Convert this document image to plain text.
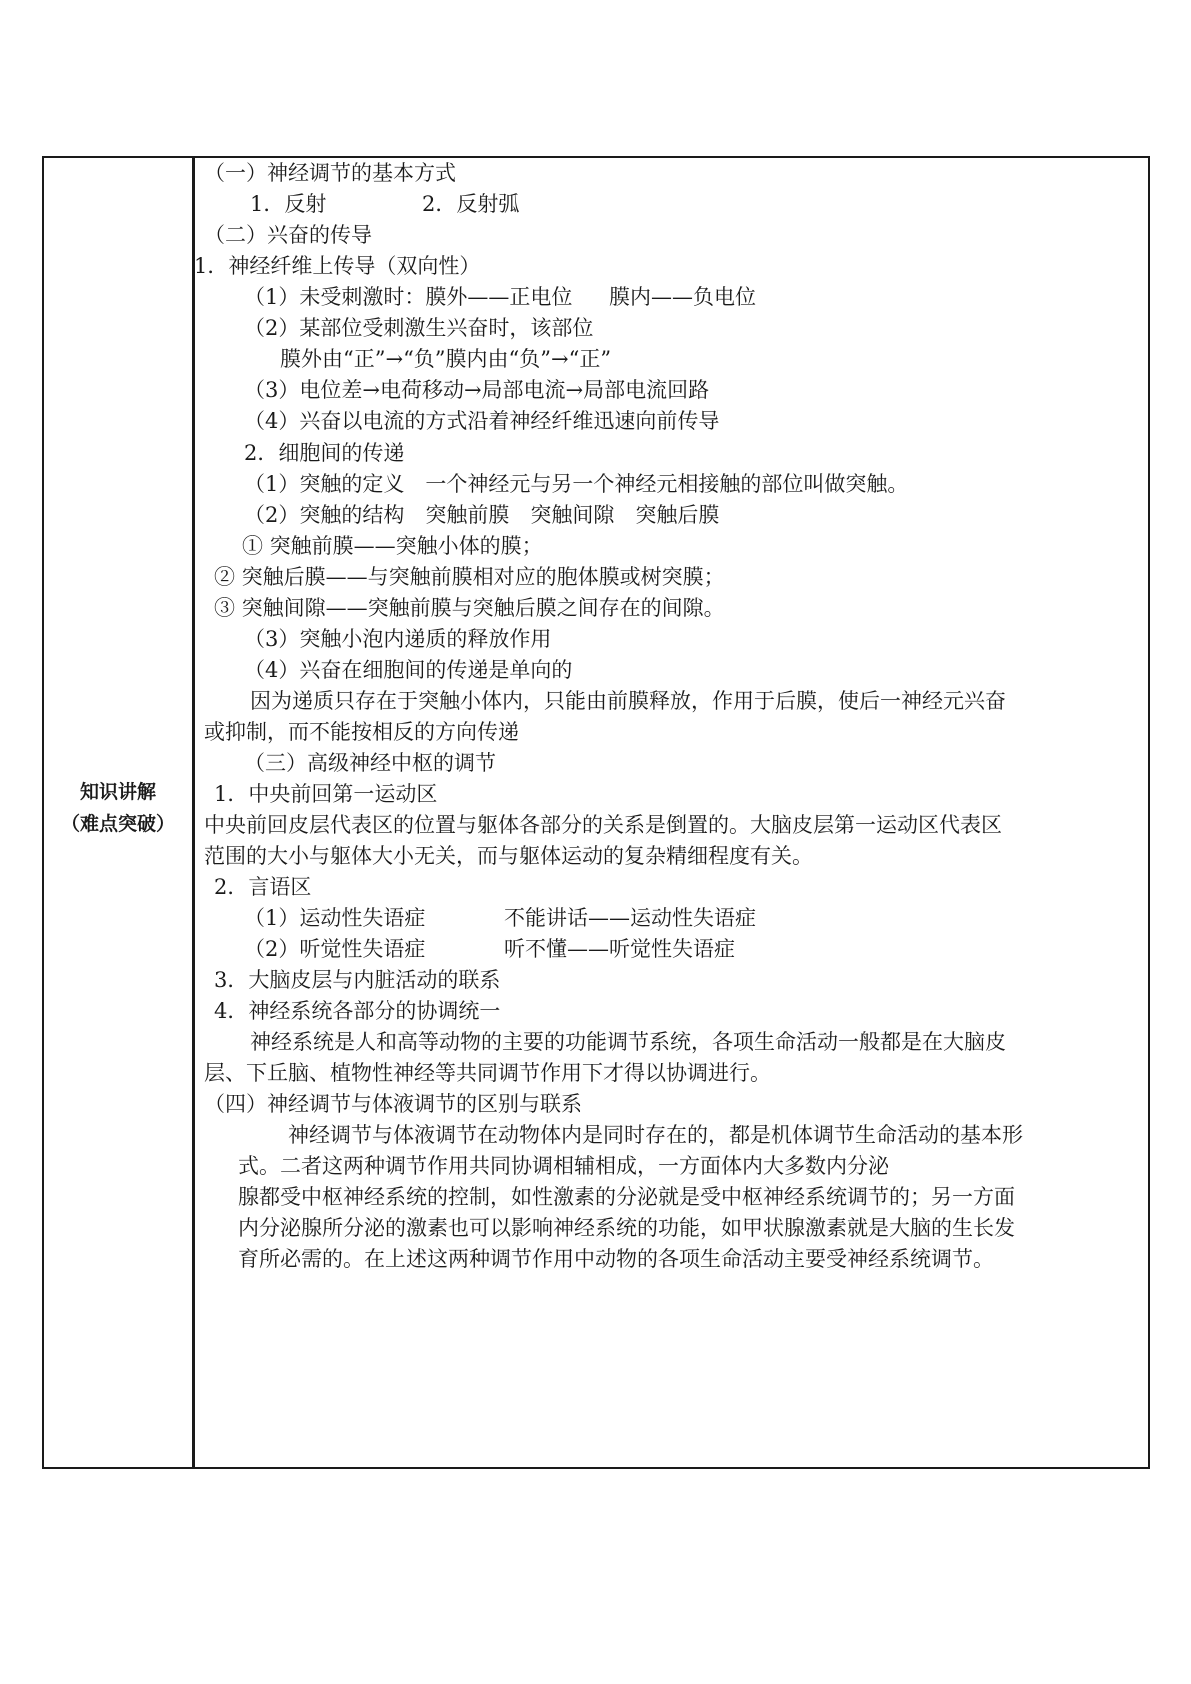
知识讲解
（难点突破）
（一）神经调节的基本方式
1．反射	2．反射弧
（二）兴奋的传导
1．神经纤维上传导（双向性）
（1）未受刺激时：膜外——正电位 膜内——负电位
（2）某部位受刺激生兴奋时，该部位
膜外由“正”→“负”膜内由“负”→“正”
（3）电位差→电荷移动→局部电流→局部电流回路
（4）兴奋以电流的方式沿着神经纤维迅速向前传导
2．细胞间的传递
（1）突触的定义　一个神经元与另一个神经元相接触的部位叫做突触。
（2）突触的结构　突触前膜　突触间隙　突触后膜
① 突触前膜——突触小体的膜；
② 突触后膜——与突触前膜相对应的胞体膜或树突膜；
③ 突触间隙——突触前膜与突触后膜之间存在的间隙。
（3）突触小泡内递质的释放作用
（4）兴奋在细胞间的传递是单向的
因为递质只存在于突触小体内，只能由前膜释放，作用于后膜，使后一神经元兴奋
或抑制，而不能按相反的方向传递
（三）高级神经中枢的调节
1．中央前回第一运动区
中央前回皮层代表区的位置与躯体各部分的关系是倒置的。大脑皮层第一运动区代表区
范围的大小与躯体大小无关，而与躯体运动的复杂精细程度有关。
2．言语区
（1）运动性失语症	不能讲话——运动性失语症
（2）听觉性失语症	听不懂——听觉性失语症
3．大脑皮层与内脏活动的联系
4．神经系统各部分的协调统一
神经系统是人和高等动物的主要的功能调节系统，各项生命活动一般都是在大脑皮
层、下丘脑、植物性神经等共同调节作用下才得以协调进行。
（四）神经调节与体液调节的区别与联系
神经调节与体液调节在动物体内是同时存在的，都是机体调节生命活动的基本形
式。二者这两种调节作用共同协调相辅相成，一方面体内大多数内分泌
腺都受中枢神经系统的控制，如性激素的分泌就是受中枢神经系统调节的；另一方面
内分泌腺所分泌的激素也可以影响神经系统的功能，如甲状腺激素就是大脑的生长发
育所必需的。在上述这两种调节作用中动物的各项生命活动主要受神经系统调节。
